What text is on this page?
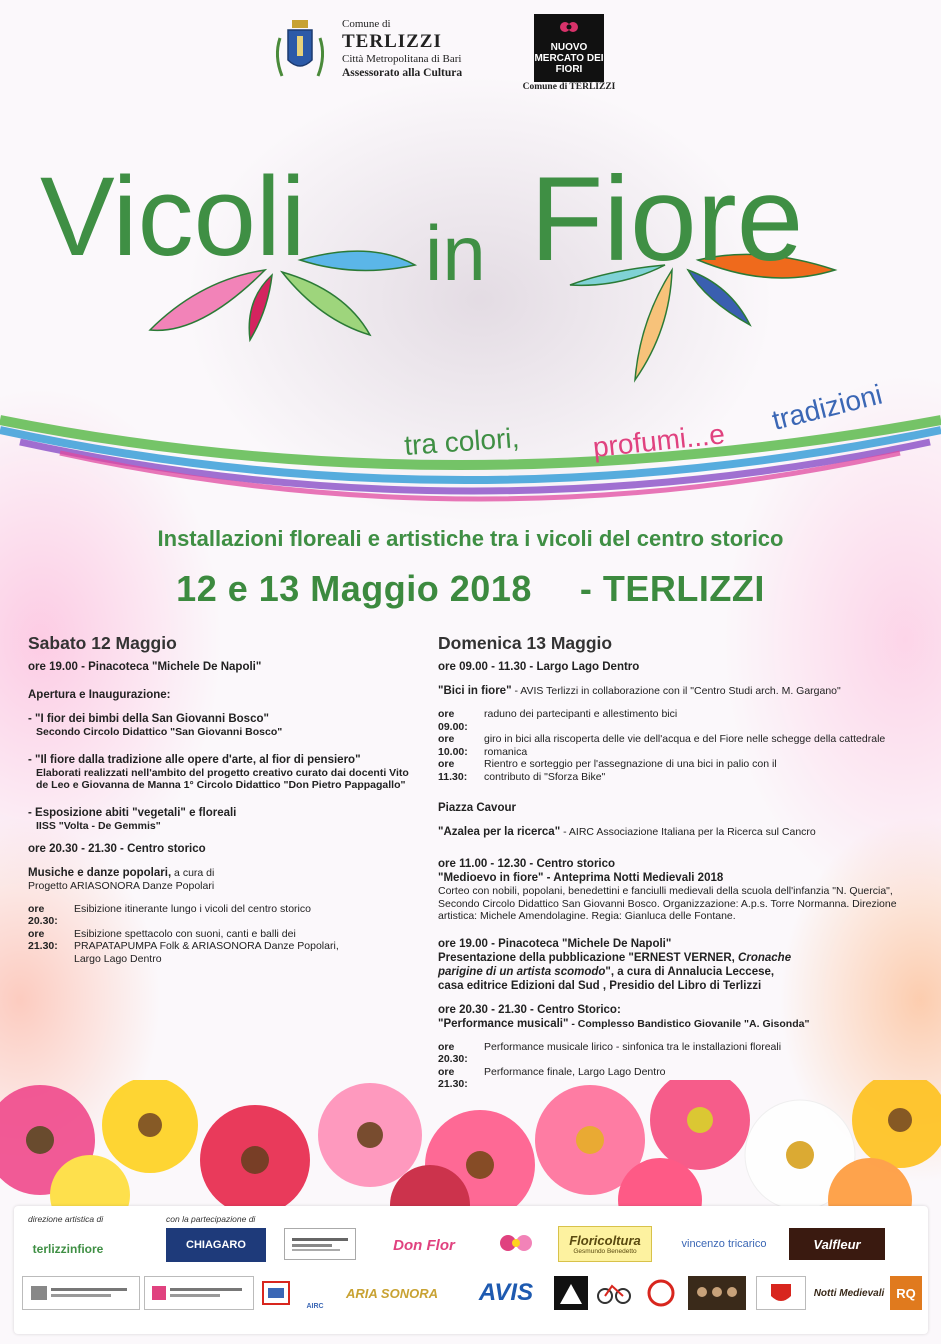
Comune di
TERLIZZI
Città Metropolitana di Bari
Assessorato alla Cultura
NUOVO MERCATO DEI FIORI
Comune di TERLIZZI
Vicoli in Fiore
tra colori,	profumi...e
tradizioni
Installazioni floreali e artistiche tra i vicoli del centro storico
12 e 13 Maggio 2018 - TERLIZZI
Sabato 12 Maggio
ore 19.00 - Pinacoteca "Michele De Napoli"
Apertura e Inaugurazione:
- "I fior dei bimbi della San Giovanni Bosco"
Secondo Circolo Didattico "San Giovanni Bosco"
- "Il fiore dalla tradizione alle opere d'arte, al fior di pensiero"
Elaborati realizzati nell'ambito del progetto creativo curato dai docenti Vito de Leo e Giovanna de Manna 1° Circolo Didattico "Don Pietro Pappagallo"
- Esposizione abiti "vegetali" e floreali
IISS "Volta - De Gemmis"
ore 20.30 - 21.30 - Centro storico
Musiche e danze popolari, a cura di
Progetto ARIASONORA Danze Popolari
ore 20.30:
Esibizione itinerante lungo i vicoli del centro storico
ore 21.30:
Esibizione spettacolo con suoni, canti e balli dei PRAPATAPUMPA Folk & ARIASONORA Danze Popolari, Largo Lago Dentro
Domenica 13 Maggio
ore 09.00 - 11.30 - Largo Lago Dentro
"Bici in fiore" - AVIS Terlizzi in collaborazione con il "Centro Studi arch. M. Gargano"
ore 09.00:
raduno dei partecipanti e allestimento bici
ore 10.00:
giro in bici alla riscoperta delle vie dell'acqua e del Fiore nelle schegge della cattedrale romanica
ore 11.30:
Rientro e sorteggio per l'assegnazione di una bici in palio con il contributo di "Sforza Bike"
Piazza Cavour
"Azalea per la ricerca" - AIRC Associazione Italiana per la Ricerca sul Cancro
ore 11.00 - 12.30 - Centro storico
"Medioevo in fiore" - Anteprima Notti Medievali 2018
Corteo con nobili, popolani, benedettini e fanciulli medievali della scuola dell'infanzia "N. Quercia", Secondo Circolo Didattico San Giovanni Bosco. Organizzazione: A.p.s. Torre Normanna. Direzione artistica: Michele Amendolagine. Regia: Gianluca delle Fontane.
ore 19.00 - Pinacoteca "Michele De Napoli"
Presentazione della pubblicazione "ERNEST VERNER, Cronache
parigine di un artista scomodo", a cura di Annalucia Leccese,
casa editrice Edizioni dal Sud , Presidio del Libro di Terlizzi
ore 20.30 - 21.30 - Centro Storico:
"Performance musicali" - Complesso Bandistico Giovanile "A. Gisonda"
ore 20.30:
Performance musicale lirico - sinfonica tra le installazioni floreali
ore 21.30:
Performance finale, Largo Lago Dentro
direzione artistica di	con la partecipazione di
terlizzinfiore	CHIAGARO	Don Flor	Floricoltura
Gesmundo Benedetto
vincenzo tricarico	Valfleur
AIRC
ARIA SONORA	AVIS	Notti Medievali RQ
